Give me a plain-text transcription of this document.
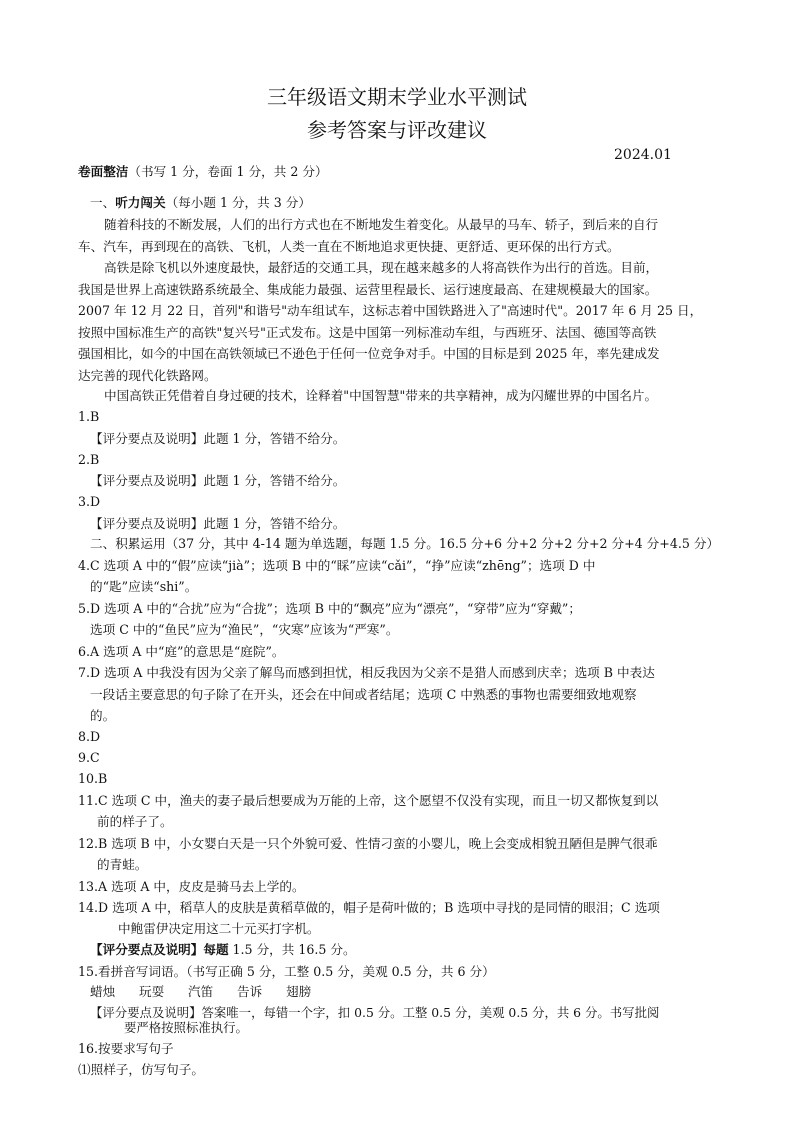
三年级语文期末学业水平测试
参考答案与评改建议
2024.01
卷面整洁（书写 1 分，卷面 1 分，共 2 分）
一、听力闯关（每小题 1 分，共 3 分）
随着科技的不断发展，人们的出行方式也在不断地发生着变化。从最早的马车、轿子，到后来的自行
车、汽车，再到现在的高铁、飞机，人类一直在不断地追求更快捷、更舒适、更环保的出行方式。
高铁是除飞机以外速度最快，最舒适的交通工具，现在越来越多的人将高铁作为出行的首选。目前，
我国是世界上高速铁路系统最全、集成能力最强、运营里程最长、运行速度最高、在建规模最大的国家。
2007 年 12 月 22 日，首列"和谐号"动车组试车，这标志着中国铁路进入了"高速时代"。2017 年 6 月 25 日，
按照中国标准生产的高铁"复兴号"正式发布。这是中国第一列标准动车组，与西班牙、法国、德国等高铁
强国相比，如今的中国在高铁领域已不逊色于任何一位竞争对手。中国的目标是到 2025 年，率先建成发
达完善的现代化铁路网。
中国高铁正凭借着自身过硬的技术，诠释着"中国智慧"带来的共享精神，成为闪耀世界的中国名片。
1.B
【评分要点及说明】此题 1 分，答错不给分。
2.B
【评分要点及说明】此题 1 分，答错不给分。
3.D
【评分要点及说明】此题 1 分，答错不给分。
二、积累运用（37 分，其中 4-14 题为单选题，每题 1.5 分。16.5 分+6 分+2 分+2 分+2 分+4 分+4.5 分）
4.C 选项 A 中的“假”应读“jià”；选项 B 中的“睬”应读“cǎi”，“挣”应读“zhēng”；选项 D 中
的“匙”应读“shi”。
5.D 选项 A 中的“合扰”应为“合拢”；选项 B 中的“飘亮”应为“漂亮”，“穿带”应为“穿戴”；
选项 C 中的“鱼民”应为“渔民”，“灾寒”应该为“严寒”。
6.A 选项 A 中“庭”的意思是“庭院”。
7.D 选项 A 中我没有因为父亲了解鸟而感到担忧，相反我因为父亲不是猎人而感到庆幸；选项 B 中表达
一段话主要意思的句子除了在开头，还会在中间或者结尾；选项 C 中熟悉的事物也需要细致地观察
的。
8.D
9.C
10.B
11.C 选项 C 中，渔夫的妻子最后想要成为万能的上帝，这个愿望不仅没有实现，而且一切又都恢复到以
前的样子了。
12.B 选项 B 中，小女婴白天是一只个外貌可爱、性情刁蛮的小婴儿，晚上会变成相貌丑陋但是脾气很乖
的青蛙。
13.A 选项 A 中，皮皮是骑马去上学的。
14.D 选项 A 中，稻草人的皮肤是黄稻草做的，帽子是荷叶做的；B 选项中寻找的是同情的眼泪；C 选项
中鲍雷伊决定用这二十元买打字机。
【评分要点及说明】每题 1.5 分，共 16.5 分。
15.看拼音写词语。（书写正确 5 分，工整 0.5 分，美观 0.5 分，共 6 分）
蜡烛 玩耍 汽笛 告诉 翅膀
【评分要点及说明】答案唯一，每错一个字，扣 0.5 分。工整 0.5 分，美观 0.5 分，共 6 分。书写批阅
要严格按照标准执行。
16.按要求写句子
⑴照样子，仿写句子。
